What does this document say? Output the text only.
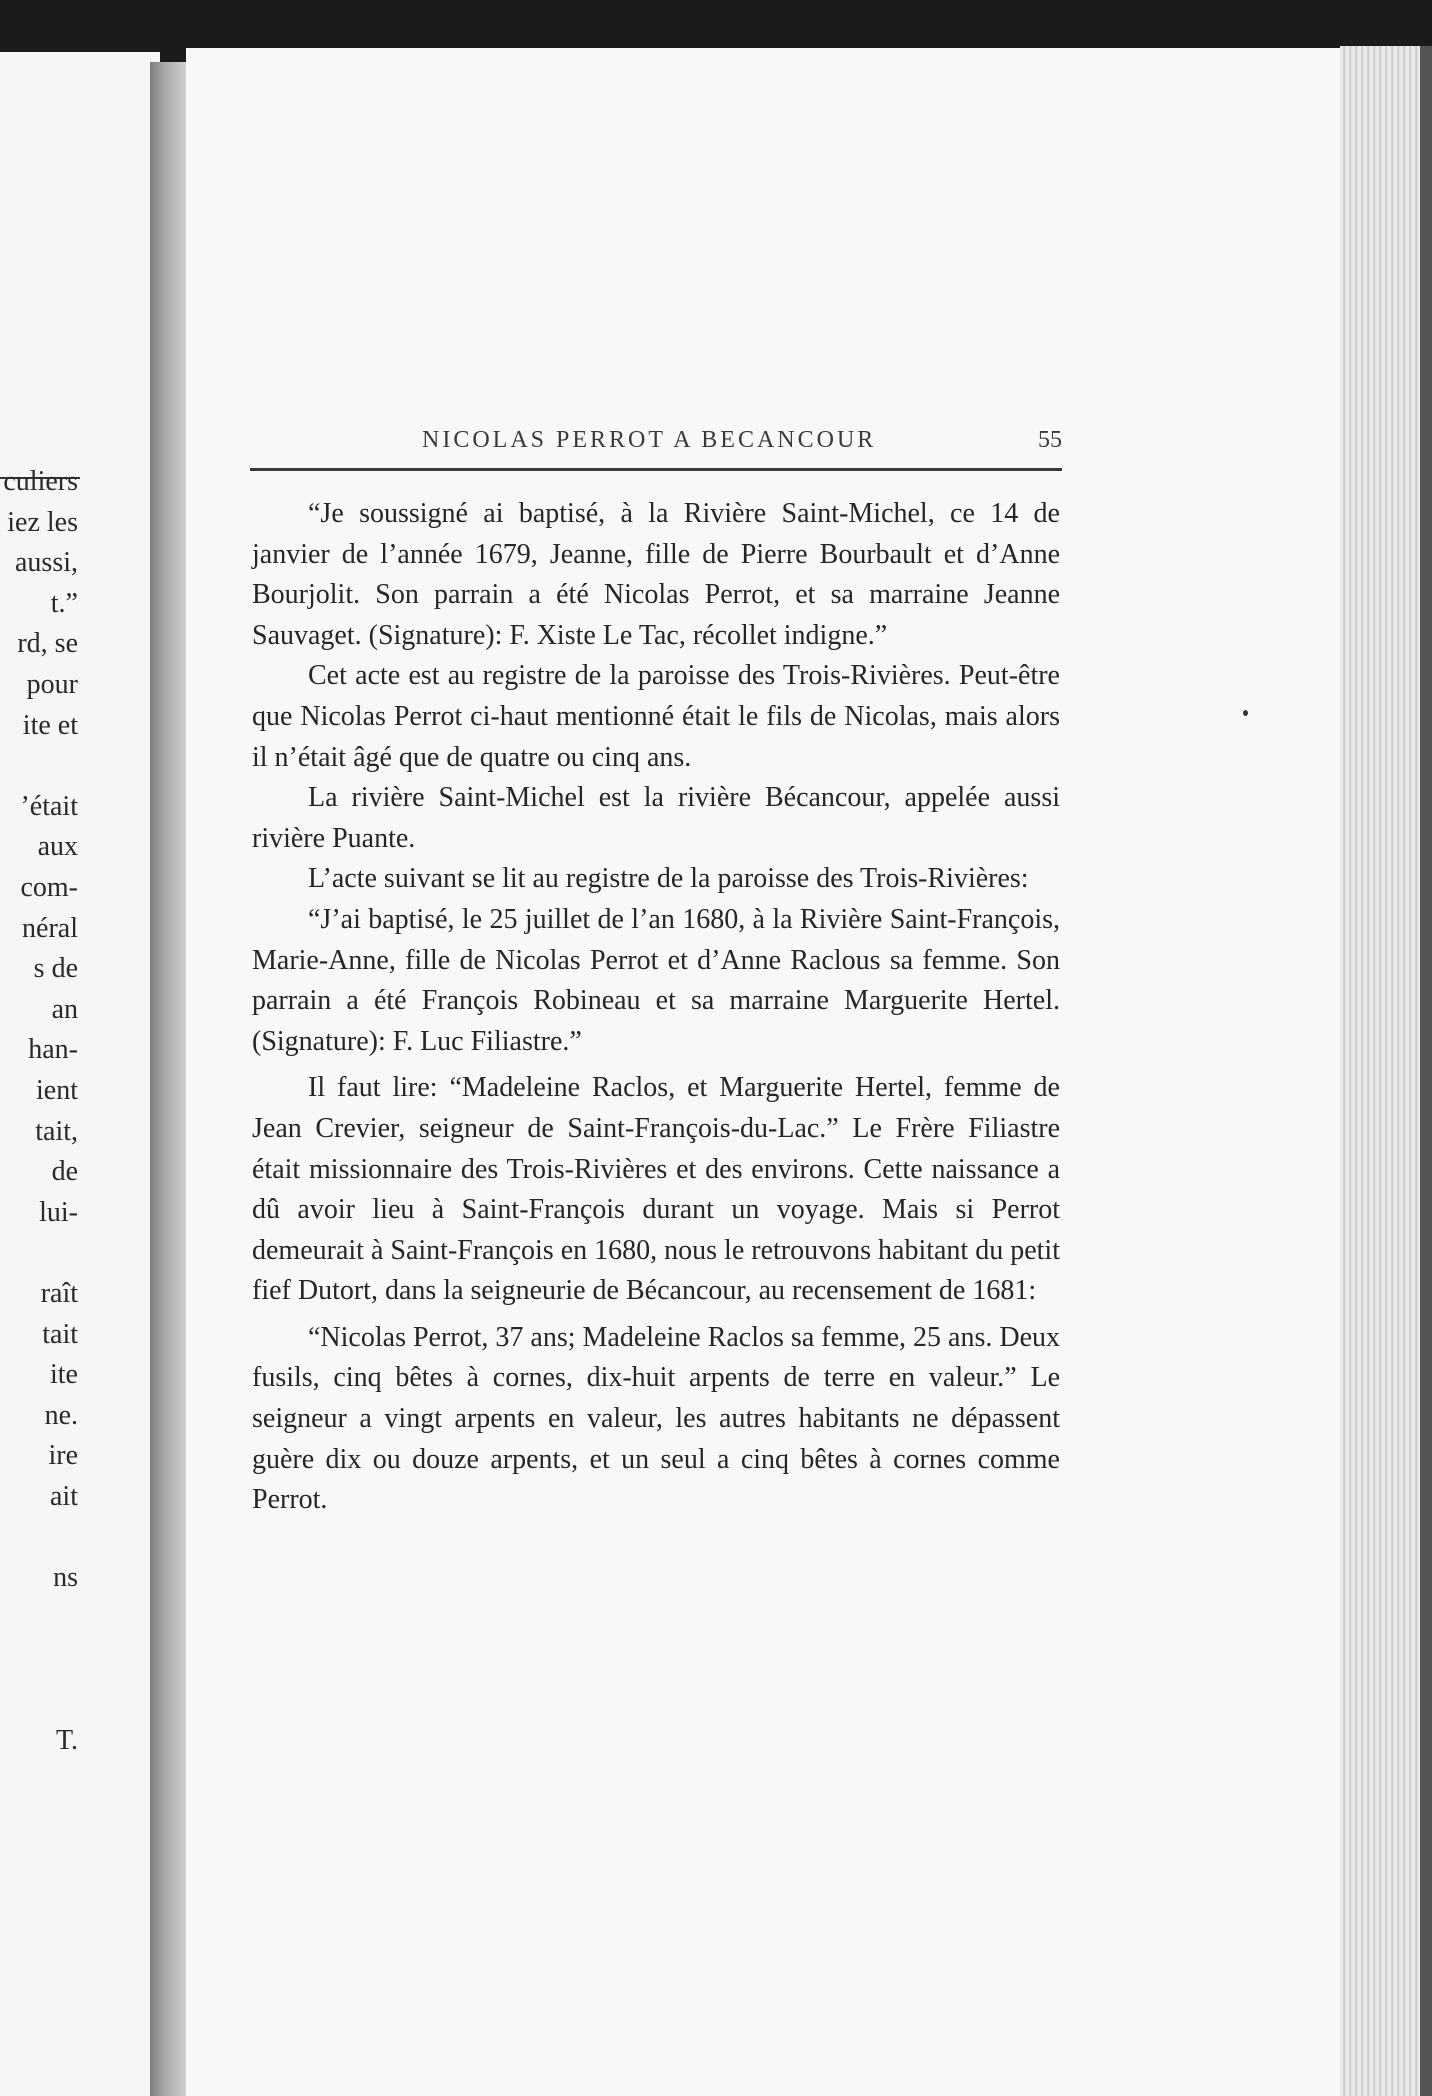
culiers
iez les
aussi,
t.”
rd, se
pour
ite et
’était
aux
com-
néral
s de
an
han-
ient
tait,
de
lui-
raît
tait
ite
ne.
ire
ait
ns
T.
NICOLAS PERROT A BECANCOUR	55

“Je soussigné ai baptisé, à la Rivière Saint-Michel, ce 14 de janvier de l’année 1679, Jeanne, fille de Pierre Bourbault et d’Anne Bourjolit. Son parrain a été Nicolas Perrot, et sa marraine Jeanne Sauvaget. (Signature): F. Xiste Le Tac, récollet indigne.”

Cet acte est au registre de la paroisse des Trois-Rivières. Peut-être que Nicolas Perrot ci-haut mentionné était le fils de Nicolas, mais alors il n’était âgé que de quatre ou cinq ans.

La rivière Saint-Michel est la rivière Bécancour, appelée aussi rivière Puante.

L’acte suivant se lit au registre de la paroisse des Trois-Rivières:

“J’ai baptisé, le 25 juillet de l’an 1680, à la Rivière Saint-François, Marie-Anne, fille de Nicolas Perrot et d’Anne Raclous sa femme. Son parrain a été François Robineau et sa marraine Marguerite Hertel. (Signature): F. Luc Filiastre.”

Il faut lire: “Madeleine Raclos, et Marguerite Hertel, femme de Jean Crevier, seigneur de Saint-François-du-Lac.” Le Frère Filiastre était missionnaire des Trois-Rivières et des environs. Cette naissance a dû avoir lieu à Saint-François durant un voyage. Mais si Perrot demeurait à Saint-François en 1680, nous le retrouvons habitant du petit fief Dutort, dans la seigneurie de Bécancour, au recensement de 1681:

“Nicolas Perrot, 37 ans; Madeleine Raclos sa femme, 25 ans. Deux fusils, cinq bêtes à cornes, dix-huit arpents de terre en valeur.” Le seigneur a vingt arpents en valeur, les autres habitants ne dépassent guère dix ou douze arpents, et un seul a cinq bêtes à cornes comme Perrot.
